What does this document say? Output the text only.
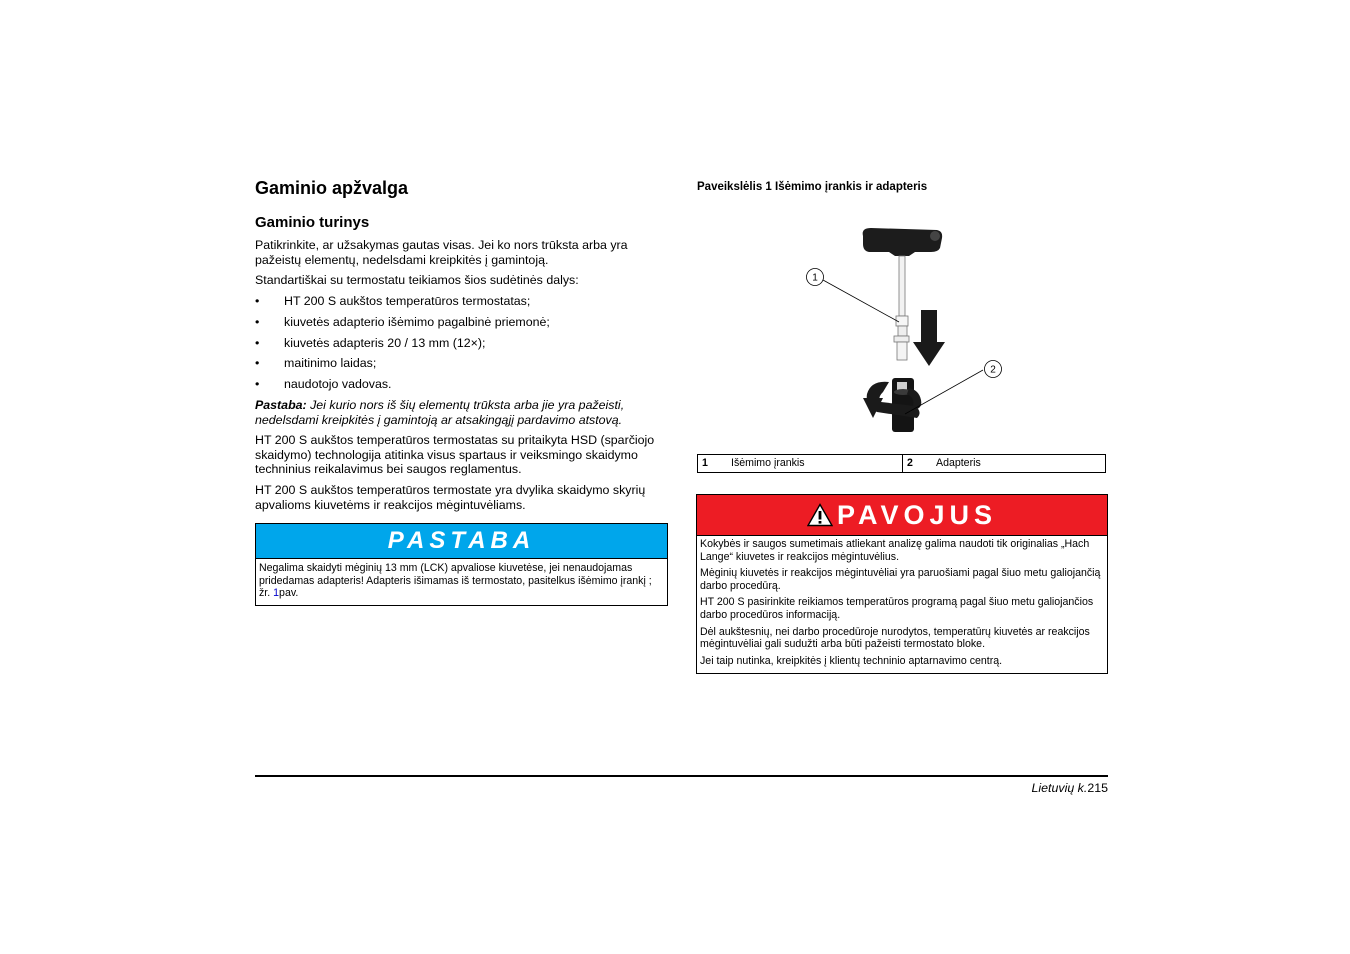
Gaminio apžvalga
Gaminio turinys

Patikrinkite, ar užsakymas gautas visas. Jei ko nors trūksta arba yra pažeistų elementų, nedelsdami kreipkitės į gamintoją.

Standartiškai su termostatu teikiamos šios sudėtinės dalys:

• HT 200 S aukštos temperatūros termostatas;
• kiuvetės adapterio išėmimo pagalbinė priemonė;
• kiuvetės adapteris 20 / 13 mm (12×);
• maitinimo laidas;
• naudotojo vadovas.

Pastaba: Jei kurio nors iš šių elementų trūksta arba jie yra pažeisti, nedelsdami kreipkitės į gamintoją ar atsakingąjį pardavimo atstovą.

HT 200 S aukštos temperatūros termostatas su pritaikyta HSD (sparčiojo skaidymo) technologija atitinka visus spartaus ir veiksmingo skaidymo techninius reikalavimus bei saugos reglamentus.

HT 200 S aukštos temperatūros termostate yra dvylika skaidymo skyrių apvalioms kiuvetėms ir reakcijos mėgintuvėliams.

PASTABA
Negalima skaidyti mėginių 13 mm (LCK) apvaliose kiuvetėse, jei nenaudojamas pridedamas adapteris! Adapteris išimamas iš termostato, pasitelkus išėmimo įrankį ; žr. 1pav.
Paveikslėlis 1 Išėmimo įrankis ir adapteris
1
2
1 Išėmimo įrankis	2 Adapteris
PAVOJUS

Kokybės ir saugos sumetimais atliekant analizę galima naudoti tik originalias „Hach Lange“ kiuvetes ir reakcijos mėgintuvėlius.

Mėginių kiuvetės ir reakcijos mėgintuvėliai yra paruošiami pagal šiuo metu galiojančią darbo procedūrą.

HT 200 S pasirinkite reikiamos temperatūros programą pagal šiuo metu galiojančios darbo procedūros informaciją.

Dėl aukštesnių, nei darbo procedūroje nurodytos, temperatūrų kiuvetės ar reakcijos mėgintuvėliai gali sudužti arba būti pažeisti termostato bloke.

Jei taip nutinka, kreipkitės į klientų techninio aptarnavimo centrą.

Lietuvių k.215
